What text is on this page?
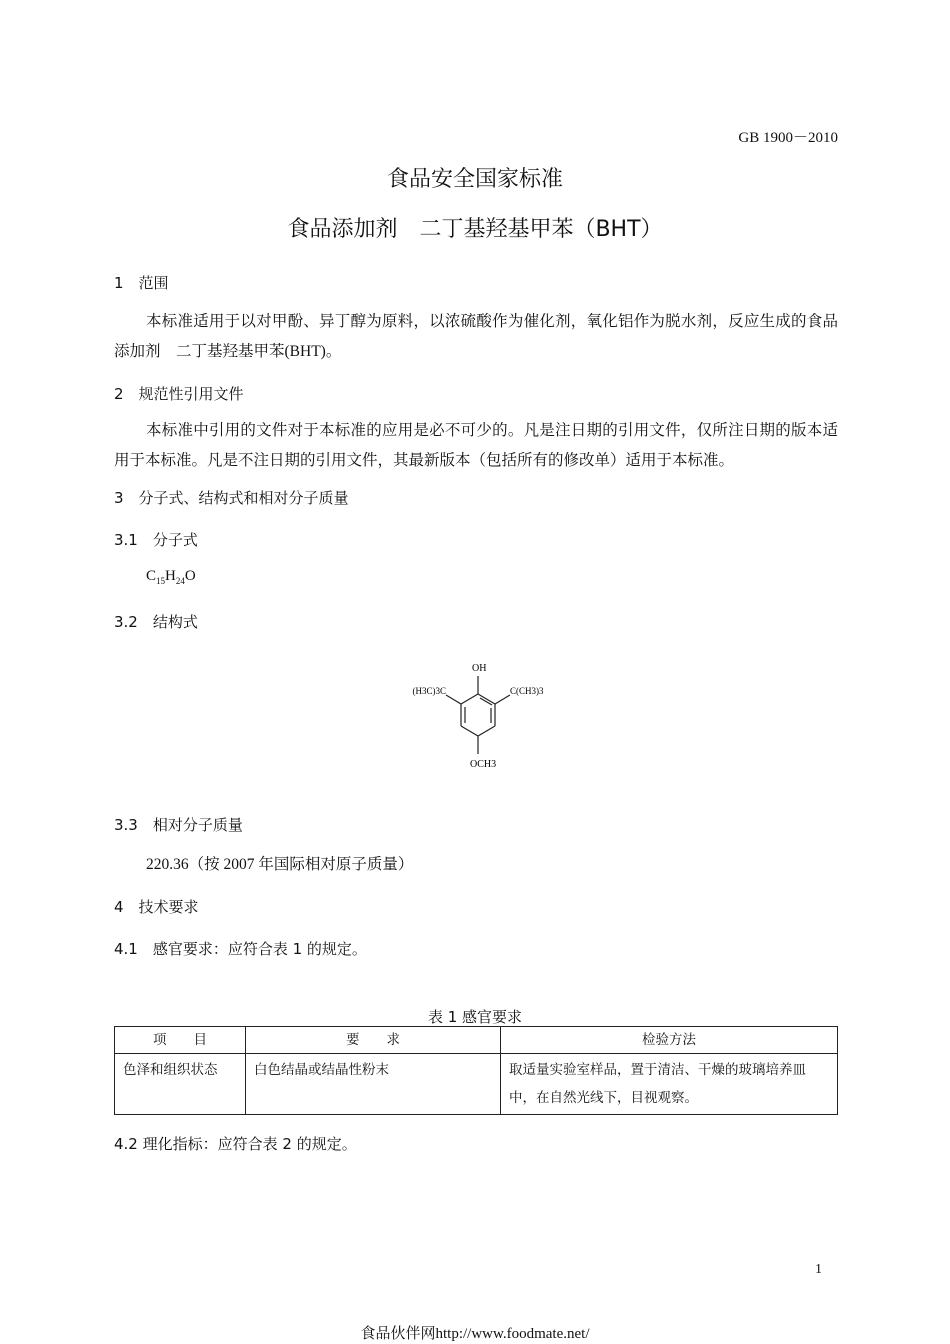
GB 1900－2010
食品安全国家标准
食品添加剂　二丁基羟基甲苯（BHT）
1　范围
本标准适用于以对甲酚、异丁醇为原料，以浓硫酸作为催化剂，氧化铝作为脱水剂，反应生成的食品添加剂　二丁基羟基甲苯(BHT)。
2　规范性引用文件
本标准中引用的文件对于本标准的应用是必不可少的。凡是注日期的引用文件，仅所注日期的版本适用于本标准。凡是不注日期的引用文件，其最新版本（包括所有的修改单）适用于本标准。
3　分子式、结构式和相对分子质量
3.1　分子式
$C_{15}H_{24}O$
3.2　结构式
OH
(H3C)3C	C(CH3)3
OCH3
3.3　相对分子质量
220.36（按 2007 年国际相对原子质量）
4　技术要求
4.1　感官要求：应符合表 1 的规定。
表 1 感官要求
项　　目	要　　求	检验方法
色泽和组织状态	白色结晶或结晶性粉末	取适量实验室样品，置于清洁、干燥的玻璃培养皿中，在自然光线下，目视观察。
4.2 理化指标：应符合表 2 的规定。
1
食品伙伴网http://www.foodmate.net/
